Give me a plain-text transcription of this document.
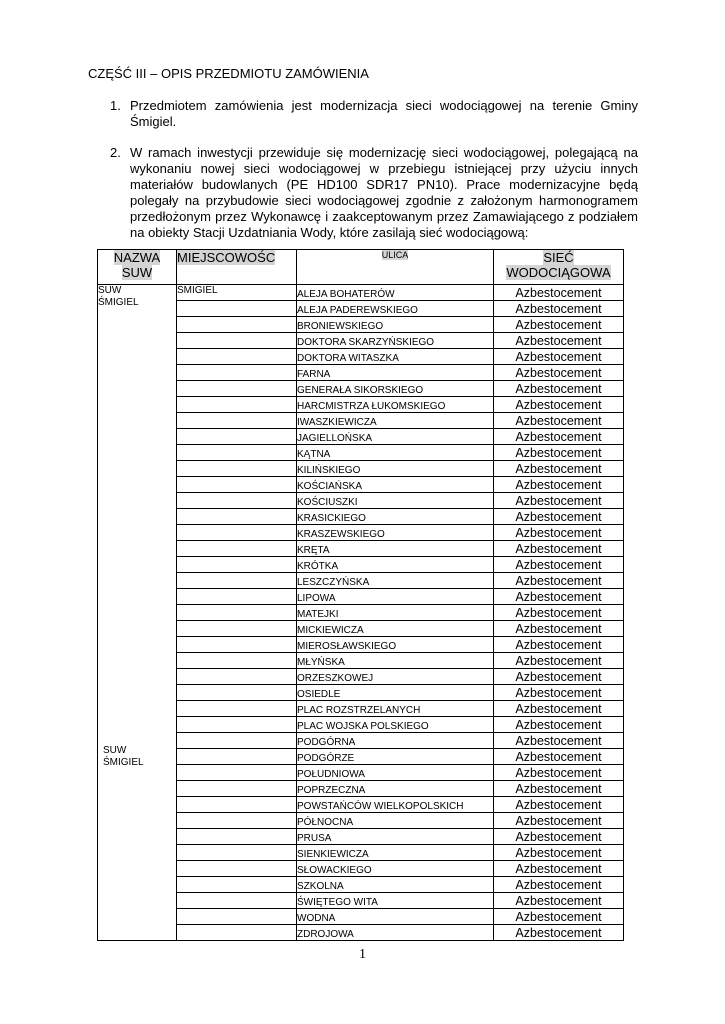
CZĘŚĆ III – OPIS PRZEDMIOTU ZAMÓWIENIA
1. Przedmiotem zamówienia jest modernizacja sieci wodociągowej na terenie Gminy Śmigiel.
2. W ramach inwestycji przewiduje się modernizację sieci wodociągowej, polegającą na wykonaniu nowej sieci wodociągowej w przebiegu istniejącej przy użyciu innych materiałów budowlanych (PE HD100 SDR17 PN10). Prace modernizacyjne będą polegały na przybudowie sieci wodociągowej zgodnie z założonym harmonogramem przedłożonym przez Wykonawcę i zaakceptowanym przez Zamawiającego z podziałem na obiekty Stacji Uzdatniania Wody, które zasilają sieć wodociągową:
NAZWA SUW	MIEJSCOWOŚC	ULICA	SIEĆ WODOCIĄGOWA

SUW ŚMIGIEL
SUW ŚMIGIEL	ŚMIGIEL	ALEJA BOHATERÓW	Azbestocement
		ALEJA PADEREWSKIEGO	Azbestocement
		BRONIEWSKIEGO	Azbestocement
		DOKTORA SKARZYŃSKIEGO	Azbestocement
		DOKTORA WITASZKA	Azbestocement
		FARNA	Azbestocement
		GENERAŁA SIKORSKIEGO	Azbestocement
		HARCMISTRZA ŁUKOMSKIEGO	Azbestocement
		IWASZKIEWICZA	Azbestocement
		JAGIELLOŃSKA	Azbestocement
		KĄTNA	Azbestocement
		KILIŃSKIEGO	Azbestocement
		KOŚCIAŃSKA	Azbestocement
		KOŚCIUSZKI	Azbestocement
		KRASICKIEGO	Azbestocement
		KRASZEWSKIEGO	Azbestocement
		KRĘTA	Azbestocement
		KRÓTKA	Azbestocement
		LESZCZYŃSKA	Azbestocement
		LIPOWA	Azbestocement
		MATEJKI	Azbestocement
		MICKIEWICZA	Azbestocement
		MIEROSŁAWSKIEGO	Azbestocement
		MŁYŃSKA	Azbestocement
		ORZESZKOWEJ	Azbestocement
		OSIEDLE	Azbestocement
		PLAC ROZSTRZELANYCH	Azbestocement
		PLAC WOJSKA POLSKIEGO	Azbestocement
		PODGÓRNA	Azbestocement
		PODGÓRZE	Azbestocement
		POŁUDNIOWA	Azbestocement
		POPRZECZNA	Azbestocement
		POWSTAŃCÓW WIELKOPOLSKICH	Azbestocement
		PÓŁNOCNA	Azbestocement
		PRUSA	Azbestocement
		SIENKIEWICZA	Azbestocement
		SŁOWACKIEGO	Azbestocement
		SZKOLNA	Azbestocement
		ŚWIĘTEGO WITA	Azbestocement
		WODNA	Azbestocement
		ZDROJOWA	Azbestocement
1
